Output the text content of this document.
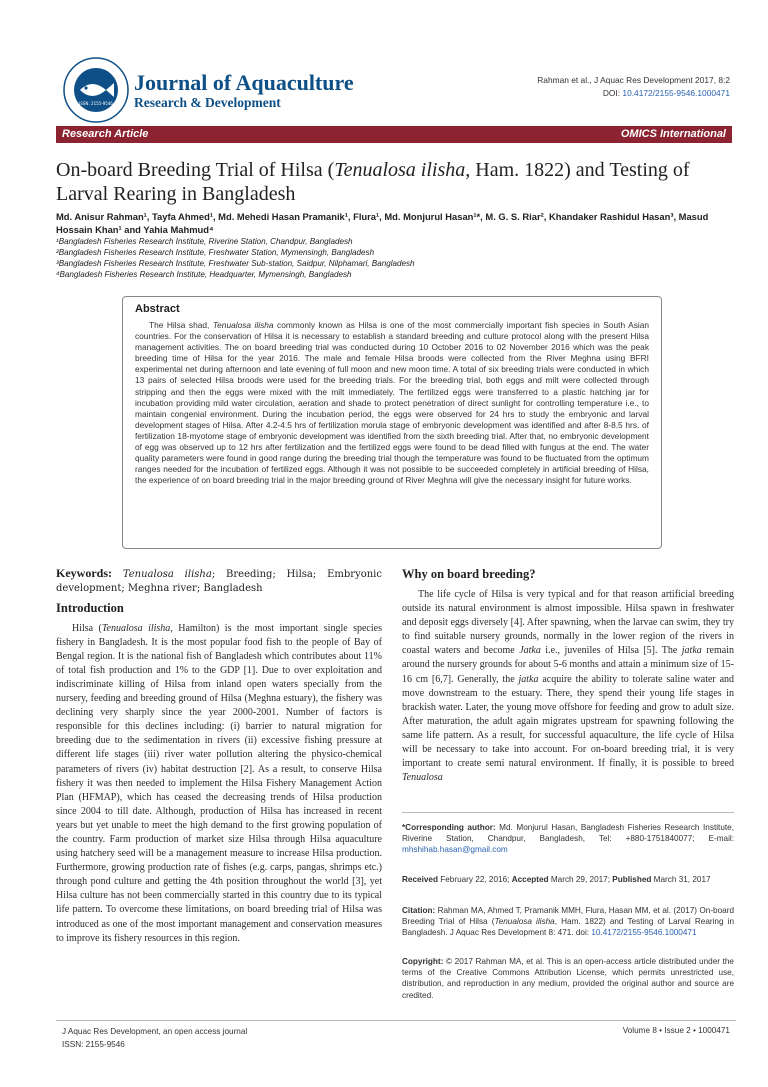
ISSN: 2155-9546
Journal of Aquaculture
Research & Development
Rahman et al., J Aquac Res Development 2017, 8:2
DOI: 10.4172/2155-9546.1000471
Research Article	OMICS International
On-board Breeding Trial of Hilsa (Tenualosa ilisha, Ham. 1822) and Testing of Larval Rearing in Bangladesh
Md. Anisur Rahman¹, Tayfa Ahmed¹, Md. Mehedi Hasan Pramanik¹, Flura¹, Md. Monjurul Hasan¹*, M. G. S. Riar², Khandaker Rashidul Hasan³, Masud Hossain Khan¹ and Yahia Mahmud⁴
¹Bangladesh Fisheries Research Institute, Riverine Station, Chandpur, Bangladesh
²Bangladesh Fisheries Research Institute, Freshwater Station, Mymensingh, Bangladesh
³Bangladesh Fisheries Research Institute, Freshwater Sub-station, Saidpur, Nilphamari, Bangladesh
⁴Bangladesh Fisheries Research Institute, Headquarter, Mymensingh, Bangladesh
Abstract

The Hilsa shad, Tenualosa ilisha commonly known as Hilsa is one of the most commercially important fish species in South Asian countries. For the conservation of Hilsa it is necessary to establish a standard breeding and culture protocol along with the present Hilsa management activities. The on board breeding trial was conducted during 10 October 2016 to 02 November 2016 which was the peak breeding time of Hilsa for the year 2016. The male and female Hilsa broods were collected from the River Meghna using BFRI experimental net during afternoon and late evening of full moon and new moon time. A total of six breeding trials were conducted in which 13 pairs of selected Hilsa broods were used for the breeding trials. For the breeding trial, both eggs and milt were collected through stripping and then the eggs were mixed with the milt immediately. The fertilized eggs were transferred to a plastic hatching jar for incubation providing mild water circulation, aeration and shade to protect penetration of direct sunlight for controlling temperature i.e., to maintain congenial environment. During the incubation period, the eggs were observed for 24 hrs to study the embryonic and larval development stages of Hilsa. After 4.2-4.5 hrs of fertilization morula stage of embryonic development was identified and after 8-8.5 hrs. of fertilization 18-myotome stage of embryonic development was identified from the sixth breeding trial. After that, no embryonic development of egg was observed up to 12 hrs after fertilization and the fertilized eggs were found to be dead filled with fungus at the end. The water quality parameters were found in good range during the breeding trial though the temperature was found to be fluctuated from the optimum ranges needed for the incubation of fertilized eggs. Although it was not possible to be succeeded completely in artificial breeding of Hilsa, the experience of on board breeding trial in the major breeding ground of River Meghna will give the necessary insight for future works.

Keywords: Tenualosa ilisha; Breeding; Hilsa; Embryonic development; Meghna river; Bangladesh

Introduction

Hilsa (Tenualosa ilisha, Hamilton) is the most important single species fishery in Bangladesh. It is the most popular food fish to the people of Bay of Bengal region. It is the national fish of Bangladesh which contributes about 11% of total fish production and 1% to the GDP [1]. Due to over exploitation and indiscriminate killing of Hilsa from inland open waters specially from the nursery, feeding and breeding ground of Hilsa (Meghna estuary), the fishery was declining very sharply since the year 2000-2001. Number of factors is responsible for this declines including: (i) barrier to natural migration for breeding due to the sedimentation in rivers (ii) excessive fishing pressure at different life stages (iii) river water pollution altering the physico-chemical parameters of rivers (iv) habitat destruction [2]. As a result, to conserve Hilsa fishery it was then needed to implement the Hilsa Fishery Management Action Plan (HFMAP), which has ceased the decreasing trends of Hilsa production since 2004 to till date. Although, production of Hilsa has increased in recent years but yet unable to meet the high demand to the first growing population of the country. Farm production of market size Hilsa through Hilsa aquaculture using hatchery seed will be a management measure to increase Hilsa production. Furthermore, growing production rate of fishes (e.g. carps, pangas, shrimps etc.) through pond culture and getting the 4th position throughout the world [3], yet Hilsa culture has not been commercially started in this country due to its typical life pattern. To overcome these limitations, on board breeding trial of Hilsa was introduced as one of the most important management and conservation measures to improve its fishery resources in this region.

Why on board breeding?

The life cycle of Hilsa is very typical and for that reason artificial breeding outside its natural environment is almost impossible. Hilsa spawn in freshwater and deposit eggs diversely [4]. After spawning, when the larvae can swim, they try to find suitable nursery grounds, normally in the lower region of the rivers in coastal waters and become Jatka i.e., juveniles of Hilsa [5]. The jatka remain around the nursery grounds for about 5-6 months and attain a minimum size of 15-16 cm [6,7]. Generally, the jatka acquire the ability to tolerate saline water and move downstream to the estuary. There, they spend their young life stages in brackish water. Later, the young move offshore for feeding and grow to adult size. After maturation, the adult again migrates upstream for spawning following the same life pattern. As a result, for successful aquaculture, the life cycle of Hilsa will be necessary to take into account. For on-board breeding trial, it is very important to create semi natural environment. If finally, it is possible to breed Tenualosa

*Corresponding author: Md. Monjurul Hasan, Bangladesh Fisheries Research Institute, Riverine Station, Chandpur, Bangladesh, Tel: +880-1751840077; E-mail: mhshihab.hasan@gmail.com
Received February 22, 2016; Accepted March 29, 2017; Published March 31, 2017
Citation: Rahman MA, Ahmed T, Pramanik MMH, Flura, Hasan MM, et al. (2017) On-board Breeding Trial of Hilsa (Tenualosa ilisha, Ham. 1822) and Testing of Larval Rearing in Bangladesh. J Aquac Res Development 8: 471. doi: 10.4172/2155-9546.1000471
Copyright: © 2017 Rahman MA, et al. This is an open-access article distributed under the terms of the Creative Commons Attribution License, which permits unrestricted use, distribution, and reproduction in any medium, provided the original author and source are credited.
J Aquac Res Development, an open access journal
ISSN: 2155-9546
Volume 8 • Issue 2 • 1000471
